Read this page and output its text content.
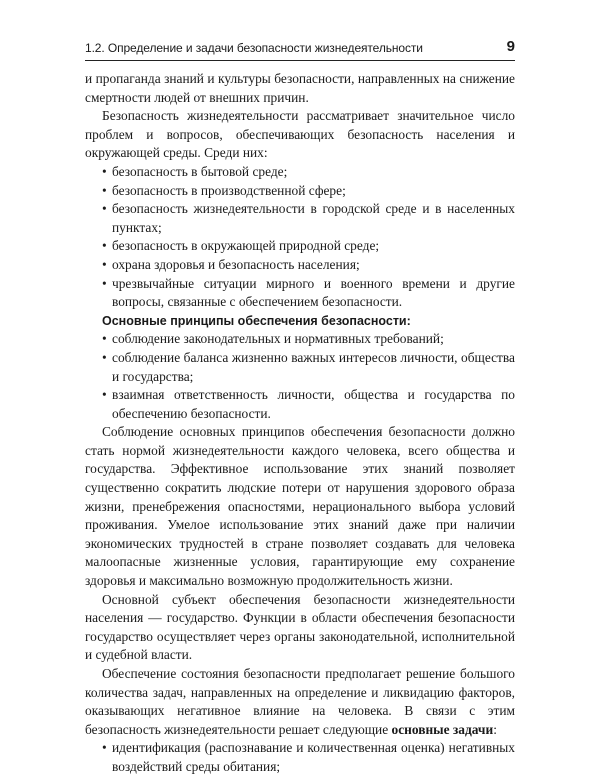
1.2. Определение и задачи безопасности жизнедеятельности	9

и пропаганда знаний и культуры безопасности, направленных на снижение смертности людей от внешних причин.

Безопасность жизнедеятельности рассматривает значительное число проблем и вопросов, обеспечивающих безопасность населения и окружающей среды. Среди них:

• безопасность в бытовой среде;
• безопасность в производственной сфере;
• безопасность жизнедеятельности в городской среде и в населенных пунктах;
• безопасность в окружающей природной среде;
• охрана здоровья и безопасность населения;
• чрезвычайные ситуации мирного и военного времени и другие вопросы, связанные с обеспечением безопасности.
Основные принципы обеспечения безопасности:
• соблюдение законодательных и нормативных требований;
• соблюдение баланса жизненно важных интересов личности, общества и государства;
• взаимная ответственность личности, общества и государства по обеспечению безопасности.

Соблюдение основных принципов обеспечения безопасности должно стать нормой жизнедеятельности каждого человека, всего общества и государства. Эффективное использование этих знаний позволяет существенно сократить людские потери от нарушения здорового образа жизни, пренебрежения опасностями, нерационального выбора условий проживания. Умелое использование этих знаний даже при наличии экономических трудностей в стране позволяет создавать для человека малоопасные жизненные условия, гарантирующие ему сохранение здоровья и максимально возможную продолжительность жизни.

Основной субъект обеспечения безопасности жизнедеятельности населения — государство. Функции в области обеспечения безопасности государство осуществляет через органы законодательной, исполнительной и судебной власти.

Обеспечение состояния безопасности предполагает решение большого количества задач, направленных на определение и ликвидацию факторов, оказывающих негативное влияние на человека. В связи с этим безопасность жизнедеятельности решает следующие основные задачи:

• идентификация (распознавание и количественная оценка) негативных воздействий среды обитания;
